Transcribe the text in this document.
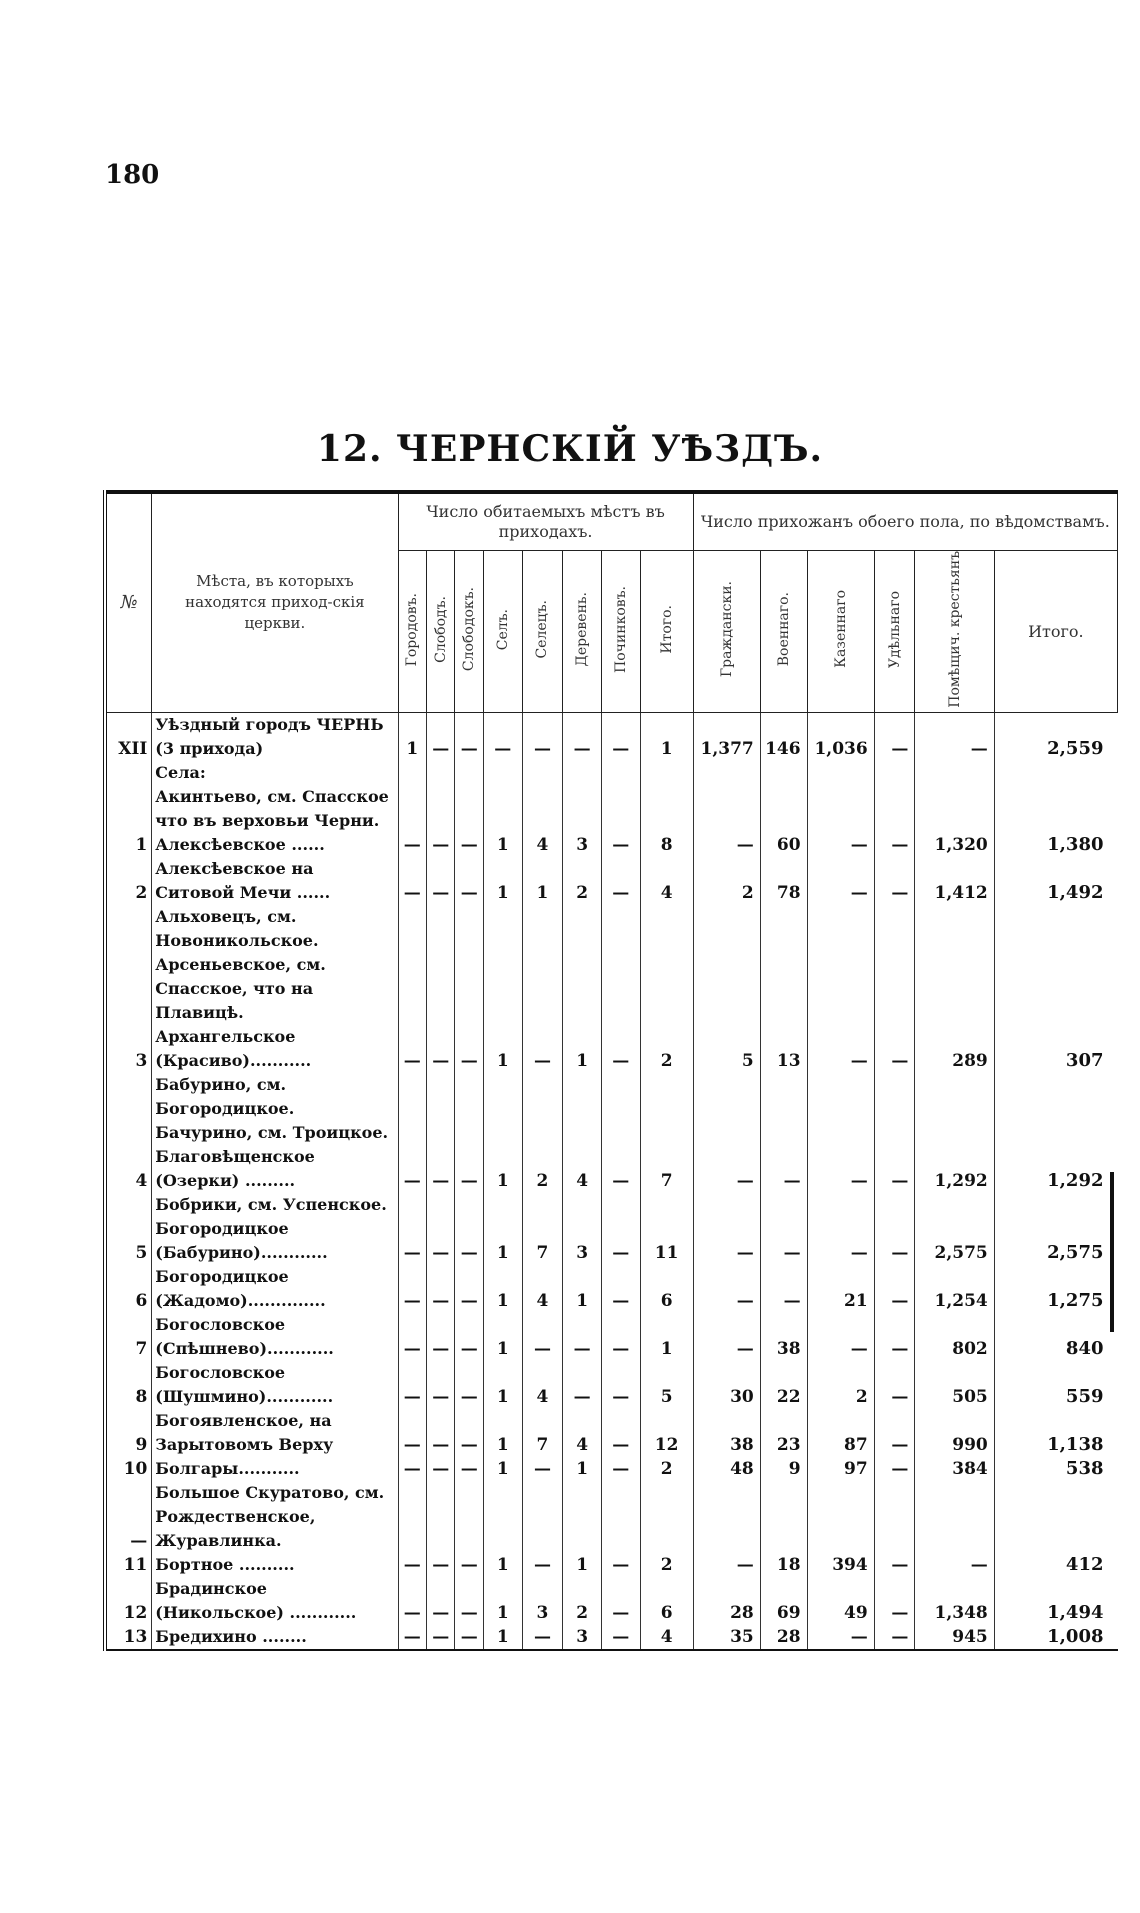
180
12. ЧЕРНСКІЙ УѢЗДЪ.
№	Мѣста, въ которыхъ находятся приход-скія церкви.	Число обитаемыхъ мѣстъ въ приходахъ.								Число прихожанъ обоего пола, по вѣдомствамъ.					
		Городовъ.	Слободъ.	Слободокъ.	Селъ.	Селецъ.	Деревень.	Починковъ.	Итого.	Граждански.	Военнаго.	Казеннаго	Удѣльнаго	Помѣщич. крестьянъ	Итого.
XII	Уѣздный городъ ЧЕРНЬ (3 прихода)	1	—	—	—	—	—	—	1	1,377	146	1,036	—	—	2,559
	Села:														
	Акинтьево, см. Спасское что въ верховьи Черни.														
1	Алексѣевское ......	—	—	—	1	4	3	—	8	—	60	—	—	1,320	1,380
2	Алексѣевское на Ситовой Мечи ......	—	—	—	1	1	2	—	4	2	78	—	—	1,412	1,492
	Альховецъ, см. Новоникольское.														
	Арсеньевское, см. Спасское, что на Плавицѣ.														
3	Архангельское (Красиво)...........	—	—	—	1	—	1	—	2	5	13	—	—	289	307
	Бабурино, см. Богородицкое.														
	Бачурино, см. Троицкое.														
4	Благовѣщенское (Озерки) .........	—	—	—	1	2	4	—	7	—	—	—	—	1,292	1,292
	Бобрики, см. Успенское.														
5	Богородицкое (Бабурино)............	—	—	—	1	7	3	—	11	—	—	—	—	2,575	2,575
6	Богородицкое (Жадомо)..............	—	—	—	1	4	1	—	6	—	—	21	—	1,254	1,275
7	Богословское (Спѣшнево)............	—	—	—	1	—	—	—	1	—	38	—	—	802	840
8	Богословское (Шушмино)............	—	—	—	1	4	—	—	5	30	22	2	—	505	559
9	Богоявленское, на Зарытовомъ Верху	—	—	—	1	7	4	—	12	38	23	87	—	990	1,138
10	Болгары...........	—	—	—	1	—	1	—	2	48	9	97	—	384	538
—	Большое Скуратово, см. Рождественское, Журавлинка.														
11	Бортное ..........	—	—	—	1	—	1	—	2	—	18	394	—	—	412
12	Брадинское (Никольское) ............	—	—	—	1	3	2	—	6	28	69	49	—	1,348	1,494
13	Бредихино ........	—	—	—	1	—	3	—	4	35	28	—	—	945	1,008
